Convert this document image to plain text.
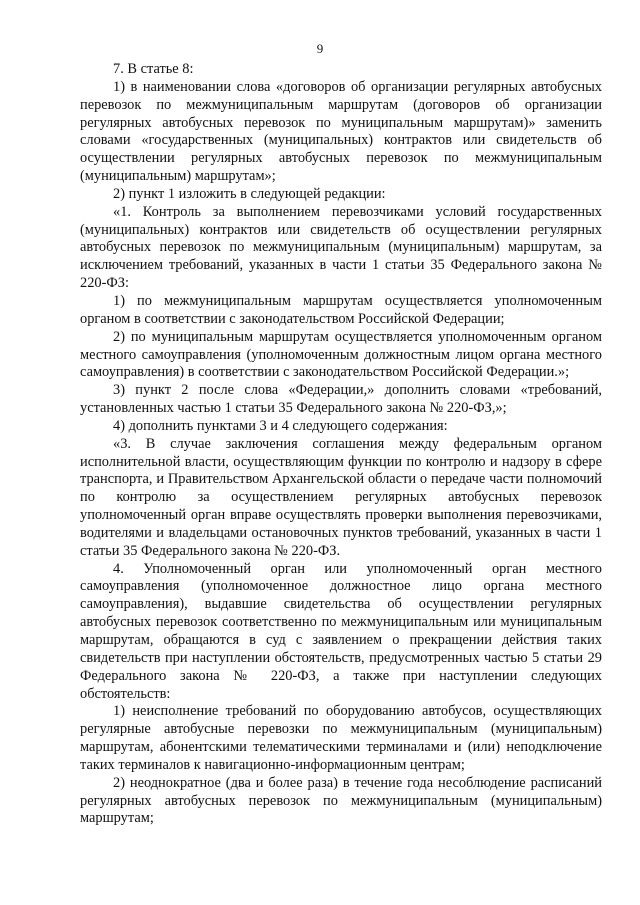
9

7. В статье 8:

1) в наименовании слова «договоров об организации регулярных автобусных перевозок по межмуниципальным маршрутам (договоров об организации регулярных автобусных перевозок по муниципальным маршрутам)» заменить словами «государственных (муниципальных) контрактов или свидетельств об осуществлении регулярных автобусных перевозок по межмуниципальным (муниципальным) маршрутам»;

2) пункт 1 изложить в следующей редакции:

«1. Контроль за выполнением перевозчиками условий государственных (муниципальных) контрактов или свидетельств об осуществлении регулярных автобусных перевозок по межмуниципальным (муниципальным) маршрутам, за исключением требований, указанных в части 1 статьи 35 Федерального закона № 220-ФЗ:

1) по межмуниципальным маршрутам осуществляется уполномоченным органом в соответствии с законодательством Российской Федерации;

2) по муниципальным маршрутам осуществляется уполномоченным органом местного самоуправления (уполномоченным должностным лицом органа местного самоуправления) в соответствии с законодательством Российской Федерации.»;

3) пункт 2 после слова «Федерации,» дополнить словами «требований, установленных частью 1 статьи 35 Федерального закона № 220-ФЗ,»;

4) дополнить пунктами 3 и 4 следующего содержания:

«3. В случае заключения соглашения между федеральным органом исполнительной власти, осуществляющим функции по контролю и надзору в сфере транспорта, и Правительством Архангельской области о передаче части полномочий по контролю за осуществлением регулярных автобусных перевозок уполномоченный орган вправе осуществлять проверки выполнения перевозчиками, водителями и владельцами остановочных пунктов требований, указанных в части 1 статьи 35 Федерального закона № 220-ФЗ.

4. Уполномоченный орган или уполномоченный орган местного самоуправления (уполномоченное должностное лицо органа местного самоуправления), выдавшие свидетельства об осуществлении регулярных автобусных перевозок соответственно по межмуниципальным или муниципальным маршрутам, обращаются в суд с заявлением о прекращении действия таких свидетельств при наступлении обстоятельств, предусмотренных частью 5 статьи 29 Федерального закона № 220-ФЗ, а также при наступлении следующих обстоятельств:

1) неисполнение требований по оборудованию автобусов, осуществляющих регулярные автобусные перевозки по межмуниципальным (муниципальным) маршрутам, абонентскими телематическими терминалами и (или) неподключение таких терминалов к навигационно-информационным центрам;

2) неоднократное (два и более раза) в течение года несоблюдение расписаний регулярных автобусных перевозок по межмуниципальным (муниципальным) маршрутам;
